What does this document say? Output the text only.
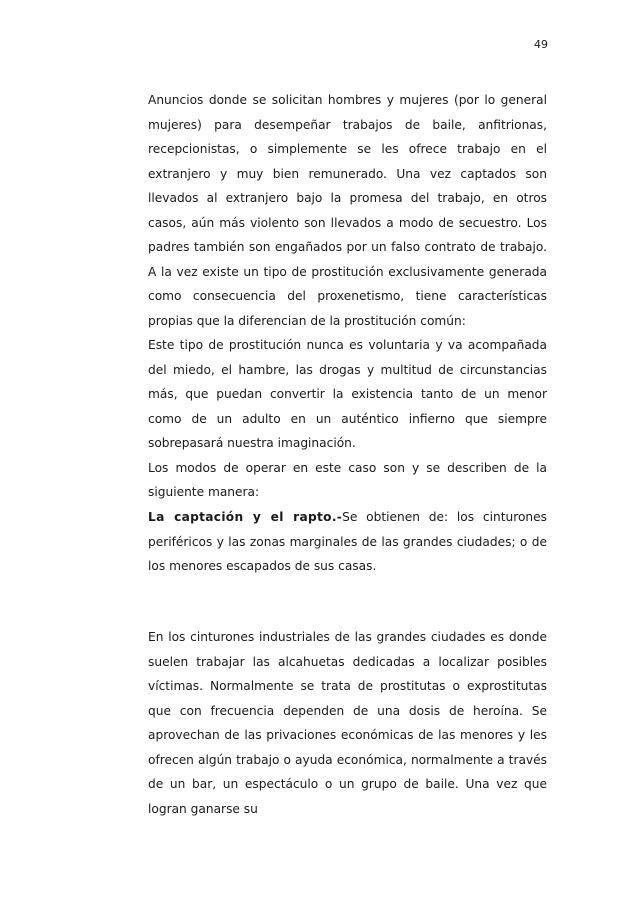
49

Anuncios donde se solicitan hombres y mujeres (por lo general mujeres) para desempeñar trabajos de baile, anfitrionas, recepcionistas, o simplemente se les ofrece trabajo en el extranjero y muy bien remunerado. Una vez captados son llevados al extranjero bajo la promesa del trabajo, en otros casos, aún más violento son llevados a modo de secuestro. Los padres también son engañados por un falso contrato de trabajo. A la vez existe un tipo de prostitución exclusivamente generada como consecuencia del proxenetismo, tiene características propias que la diferencian de la prostitución común:

Este tipo de prostitución nunca es voluntaria y va acompañada del miedo, el hambre, las drogas y multitud de circunstancias más, que puedan convertir la existencia tanto de un menor como de un adulto en un auténtico infierno que siempre sobrepasará nuestra imaginación.

Los modos de operar en este caso son y se describen de la siguiente manera:

La captación y el rapto.-Se obtienen de: los cinturones periféricos y las zonas marginales de las grandes ciudades; o de los menores escapados de sus casas.

En los cinturones industriales de las grandes ciudades es donde suelen trabajar las alcahuetas dedicadas a localizar posibles víctimas. Normalmente se trata de prostitutas o exprostitutas que con frecuencia dependen de una dosis de heroína. Se aprovechan de las privaciones económicas de las menores y les ofrecen algún trabajo o ayuda económica, normalmente a través de un bar, un espectáculo o un grupo de baile. Una vez que logran ganarse su
